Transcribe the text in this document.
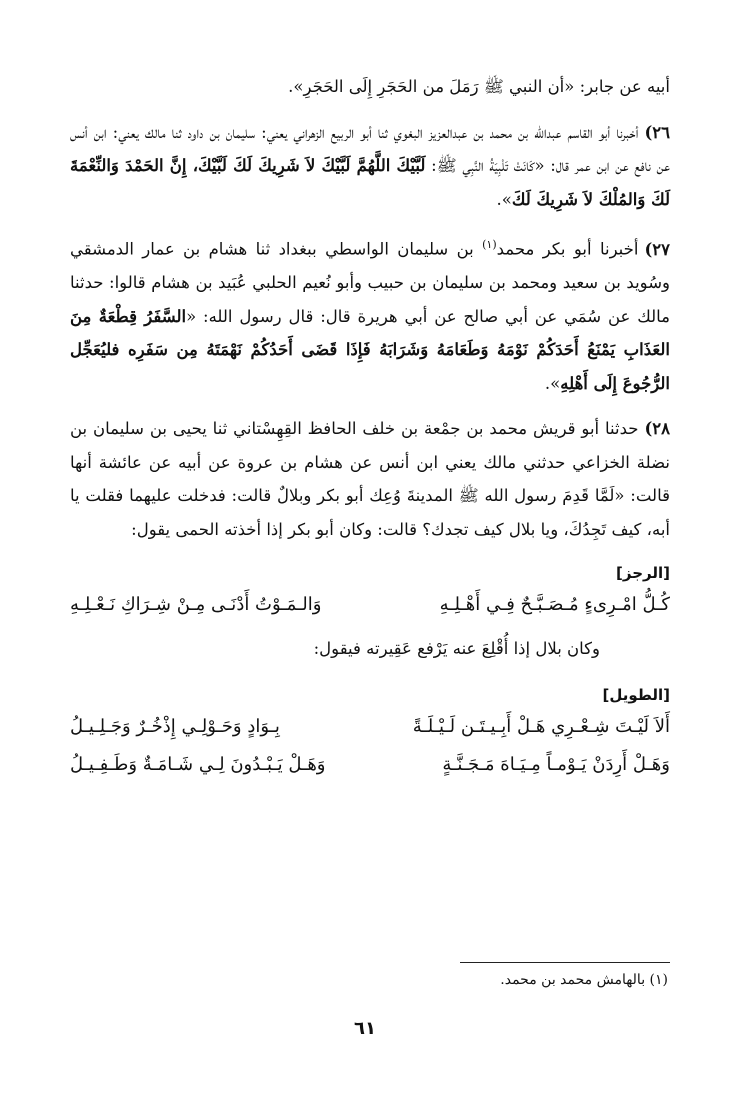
أبيه عن جابر: «أن النبي ﷺ رَمَلَ من الحَجَرِ إِلَى الحَجَرِ».

٢٦)أخبرنا أبو القاسم عبدالله بن محمد بن عبدالعزيز البغوي ثنا أبو الربيع الزهراني يعني: سليمان بن داود ثنا مالك يعني: ابن أنس عن نافع عن ابن عمر قال: «كَانَتْ تَلْبِيَةُ النَّبِي ﷺ: لَبَّيْكَ اللَّهُمَّ لَبَّيْكَ لاَ شَرِيكَ لَكَ لَبَّيْكَ، إِنَّ الحَمْدَ وَالنِّعْمَةَ لَكَ وَالمُلْكَ لاَ شَرِيكَ لَكَ».

٢٧)أخبرنا أبو بكر محمد$^{(١)}$ بن سليمان الواسطي ببغداد ثنا هشام بن عمار الدمشقي وسُويد بن سعيد ومحمد بن سليمان بن حبيب وأبو نُعيم الحلبي عُبَيد بن هشام قالوا: حدثنا مالك عن سُمَي عن أبي صالح عن أبي هريرة قال: قال رسول الله: «السَّفَرُ قِطْعَةٌ مِنَ العَذَابِ يَمْنَعُ أَحَدَكُمْ نَوْمَهُ وَطَعَامَهُ وَشَرَابَهُ فَإِذَا قَضَى أَحَدُكُمْ نَهْمَتَهُ مِن سَفَرِه فليُعَجِّل الرُّجُوعَ إِلَى أَهْلِهِ».

٢٨)حدثنا أبو قريش محمد بن جمْعة بن خلف الحافظ القِهِسْتاني ثنا يحيى بن سليمان بن نضلة الخزاعي حدثني مالك يعني ابن أنس عن هشام بن عروة عن أبيه عن عائشة أنها قالت: «لَمَّا قَدِمَ رسول الله ﷺ المدينةَ وُعِك أبو بكر وبلالٌ قالت: فدخلت عليهما فقلت يا أبه، كيف تَجِدُكَ، ويا بلال كيف تجدك؟ قالت: وكان أبو بكر إذا أخذته الحمى يقول:

[الرجز]
كُـلُّ امْـرِىءٍ مُـصَـبَّـحٌ فِـي أَهْـلِـهِ
وَالـمَـوْتُ أَدْنَـى مِـنْ شِـرَاكِ نَـعْـلِـهِ
وكان بلال إذا أُقْلِعَ عنه يَرْفع عَقِيرته فيقول:
[الطويل]
أَلاَ لَيْـتَ شِـعْـرِي هَـلْ أَبِـيـتَـن لَـيْـلَـةً
بِـوَادٍ وَحَـوْلِـي إِذْخُـرٌ وَجَـلِـيـلُ
وَهَـلْ أَرِدَنْ يَـوْمـاً مِـيَـاهَ مَـجَـنَّـةٍ
وَهَـلْ يَـبْـدُونَ لِـي شَـامَـةٌ وَطَـفِـيـلُ
(١) بالهامش محمد بن محمد.
٦١
